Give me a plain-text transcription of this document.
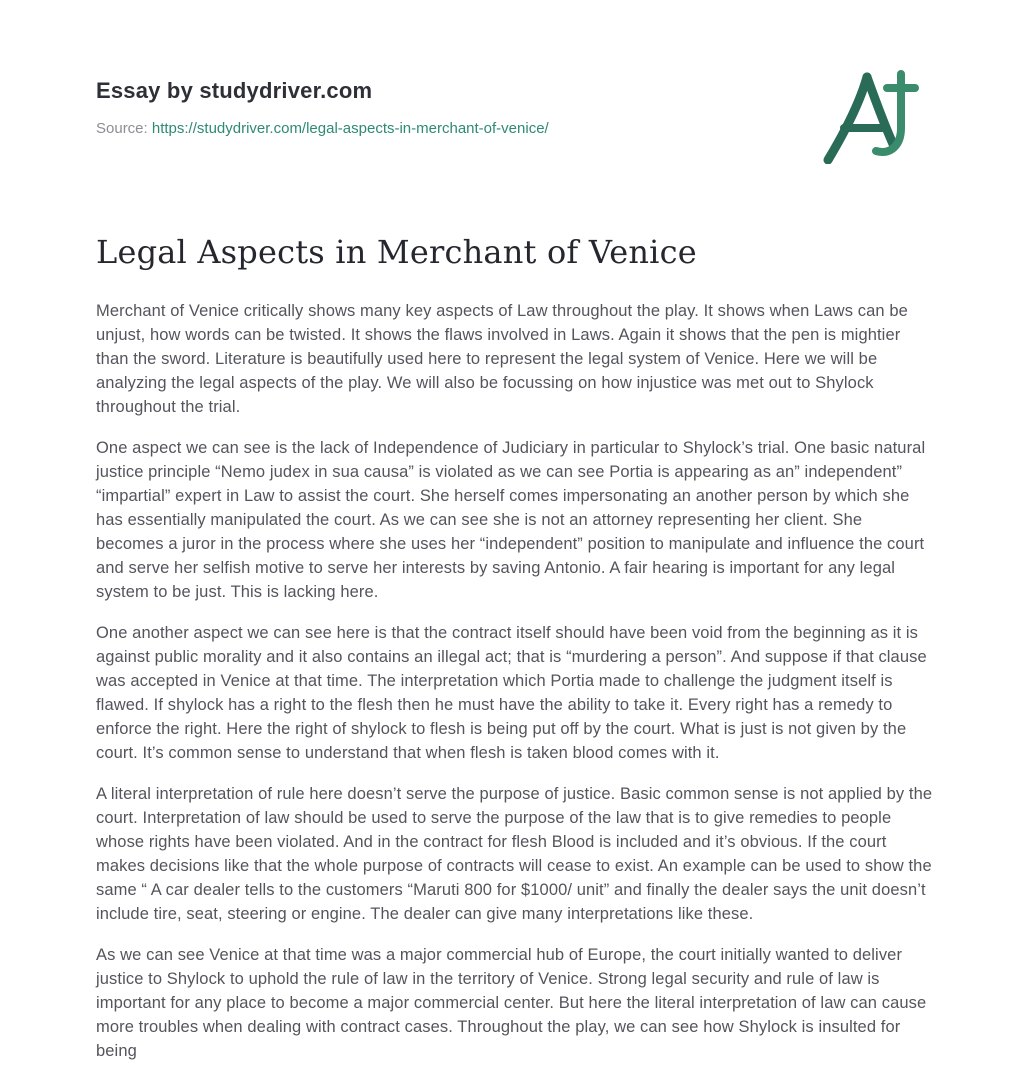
Essay by studydriver.com
Source: https://studydriver.com/legal-aspects-in-merchant-of-venice/
Legal Aspects in Merchant of Venice

Merchant of Venice critically shows many key aspects of Law throughout the play. It shows when Laws can be unjust, how words can be twisted. It shows the flaws involved in Laws. Again it shows that the pen is mightier than the sword. Literature is beautifully used here to represent the legal system of Venice. Here we will be analyzing the legal aspects of the play. We will also be focussing on how injustice was met out to Shylock throughout the trial.

One aspect we can see is the lack of Independence of Judiciary in particular to Shylock’s trial. One basic natural justice principle “Nemo judex in sua causa” is violated as we can see Portia is appearing as an” independent” “impartial” expert in Law to assist the court. She herself comes impersonating an another person by which she has essentially manipulated the court. As we can see she is not an attorney representing her client. She becomes a juror in the process where she uses her “independent” position to manipulate and influence the court and serve her selfish motive to serve her interests by saving Antonio. A fair hearing is important for any legal system to be just. This is lacking here.

One another aspect we can see here is that the contract itself should have been void from the beginning as it is against public morality and it also contains an illegal act; that is “murdering a person”. And suppose if that clause was accepted in Venice at that time. The interpretation which Portia made to challenge the judgment itself is flawed. If shylock has a right to the flesh then he must have the ability to take it. Every right has a remedy to enforce the right. Here the right of shylock to flesh is being put off by the court. What is just is not given by the court. It’s common sense to understand that when flesh is taken blood comes with it.

A literal interpretation of rule here doesn’t serve the purpose of justice. Basic common sense is not applied by the court. Interpretation of law should be used to serve the purpose of the law that is to give remedies to people whose rights have been violated. And in the contract for flesh Blood is included and it’s obvious. If the court makes decisions like that the whole purpose of contracts will cease to exist. An example can be used to show the same “ A car dealer tells to the customers “Maruti 800 for $1000/ unit” and finally the dealer says the unit doesn’t include tire, seat, steering or engine. The dealer can give many interpretations like these.

As we can see Venice at that time was a major commercial hub of Europe, the court initially wanted to deliver justice to Shylock to uphold the rule of law in the territory of Venice. Strong legal security and rule of law is important for any place to become a major commercial center. But here the literal interpretation of law can cause more troubles when dealing with contract cases. Throughout the play, we can see how Shylock is insulted for being
